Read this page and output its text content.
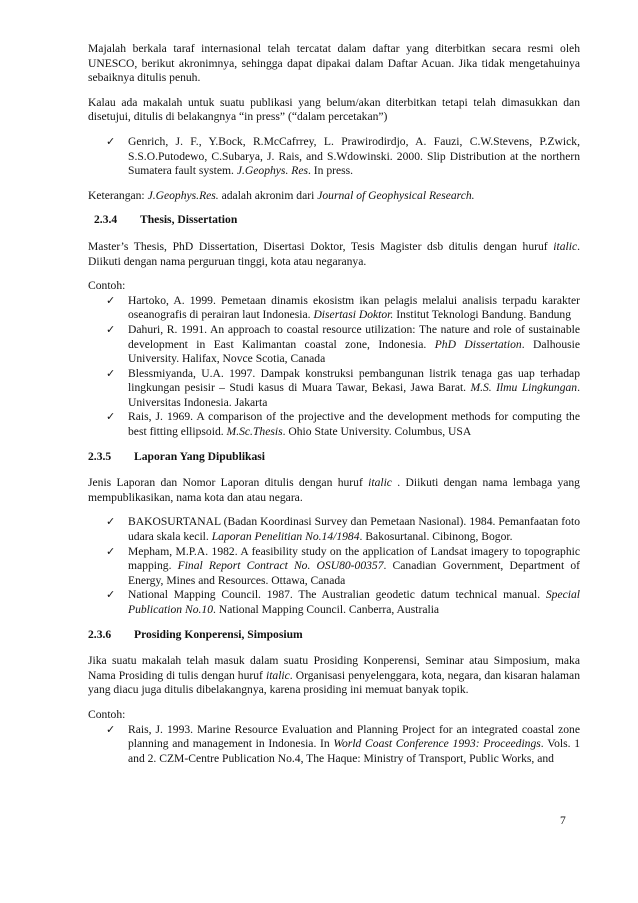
Majalah berkala taraf internasional telah tercatat dalam daftar yang diterbitkan secara resmi oleh UNESCO, berikut akronimnya, sehingga dapat dipakai dalam Daftar Acuan. Jika tidak mengetahuinya sebaiknya ditulis penuh.

Kalau ada makalah untuk suatu publikasi yang belum/akan diterbitkan tetapi telah dimasukkan dan disetujui, ditulis di belakangnya “in press” (“dalam percetakan”)

✓ Genrich, J. F., Y.Bock, R.McCafrrey, L. Prawirodirdjo, A. Fauzi, C.W.Stevens, P.Zwick, S.S.O.Putodewo, C.Subarya, J. Rais, and S.Wdowinski. 2000. Slip Distribution at the northern Sumatera fault system. J.Geophys. Res. In press.

Keterangan: J.Geophys.Res. adalah akronim dari Journal of Geophysical Research.

2.3.4	Thesis, Dissertation

Master’s Thesis, PhD Dissertation, Disertasi Doktor, Tesis Magister dsb ditulis dengan huruf italic. Diikuti dengan nama perguruan tinggi, kota atau negaranya.

Contoh:

✓ Hartoko, A. 1999. Pemetaan dinamis ekosistm ikan pelagis melalui analisis terpadu karakter oseanografis di perairan laut Indonesia. Disertasi Doktor. Institut Teknologi Bandung. Bandung
✓ Dahuri, R. 1991. An approach to coastal resource utilization: The nature and role of sustainable development in East Kalimantan coastal zone, Indonesia. PhD Dissertation. Dalhousie University. Halifax, Novce Scotia, Canada
✓ Blessmiyanda, U.A. 1997. Dampak konstruksi pembangunan listrik tenaga gas uap terhadap lingkungan pesisir – Studi kasus di Muara Tawar, Bekasi, Jawa Barat. M.S. Ilmu Lingkungan. Universitas Indonesia. Jakarta
✓ Rais, J. 1969. A comparison of the projective and the development methods for computing the best fitting ellipsoid. M.Sc.Thesis. Ohio State University. Columbus, USA
2.3.5	Laporan Yang Dipublikasi

Jenis Laporan dan Nomor Laporan ditulis dengan huruf italic . Diikuti dengan nama lembaga yang mempublikasikan, nama kota dan atau negara.

✓ BAKOSURTANAL (Badan Koordinasi Survey dan Pemetaan Nasional). 1984. Pemanfaatan foto udara skala kecil. Laporan Penelitian No.14/1984. Bakosurtanal. Cibinong, Bogor.
✓ Mepham, M.P.A. 1982. A feasibility study on the application of Landsat imagery to topographic mapping. Final Report Contract No. OSU80-00357. Canadian Government, Department of Energy, Mines and Resources. Ottawa, Canada
✓ National Mapping Council. 1987. The Australian geodetic datum technical manual. Special Publication No.10. National Mapping Council. Canberra, Australia
2.3.6	Prosiding Konperensi, Simposium

Jika suatu makalah telah masuk dalam suatu Prosiding Konperensi, Seminar atau Simposium, maka Nama Prosiding di tulis dengan huruf italic. Organisasi penyelenggara, kota, negara, dan kisaran halaman yang diacu juga ditulis dibelakangnya, karena prosiding ini memuat banyak topik.

Contoh:

✓ Rais, J. 1993. Marine Resource Evaluation and Planning Project for an integrated coastal zone planning and management in Indonesia. In World Coast Conference 1993: Proceedings. Vols. 1 and 2. CZM-Centre Publication No.4, The Haque: Ministry of Transport, Public Works, and
7
